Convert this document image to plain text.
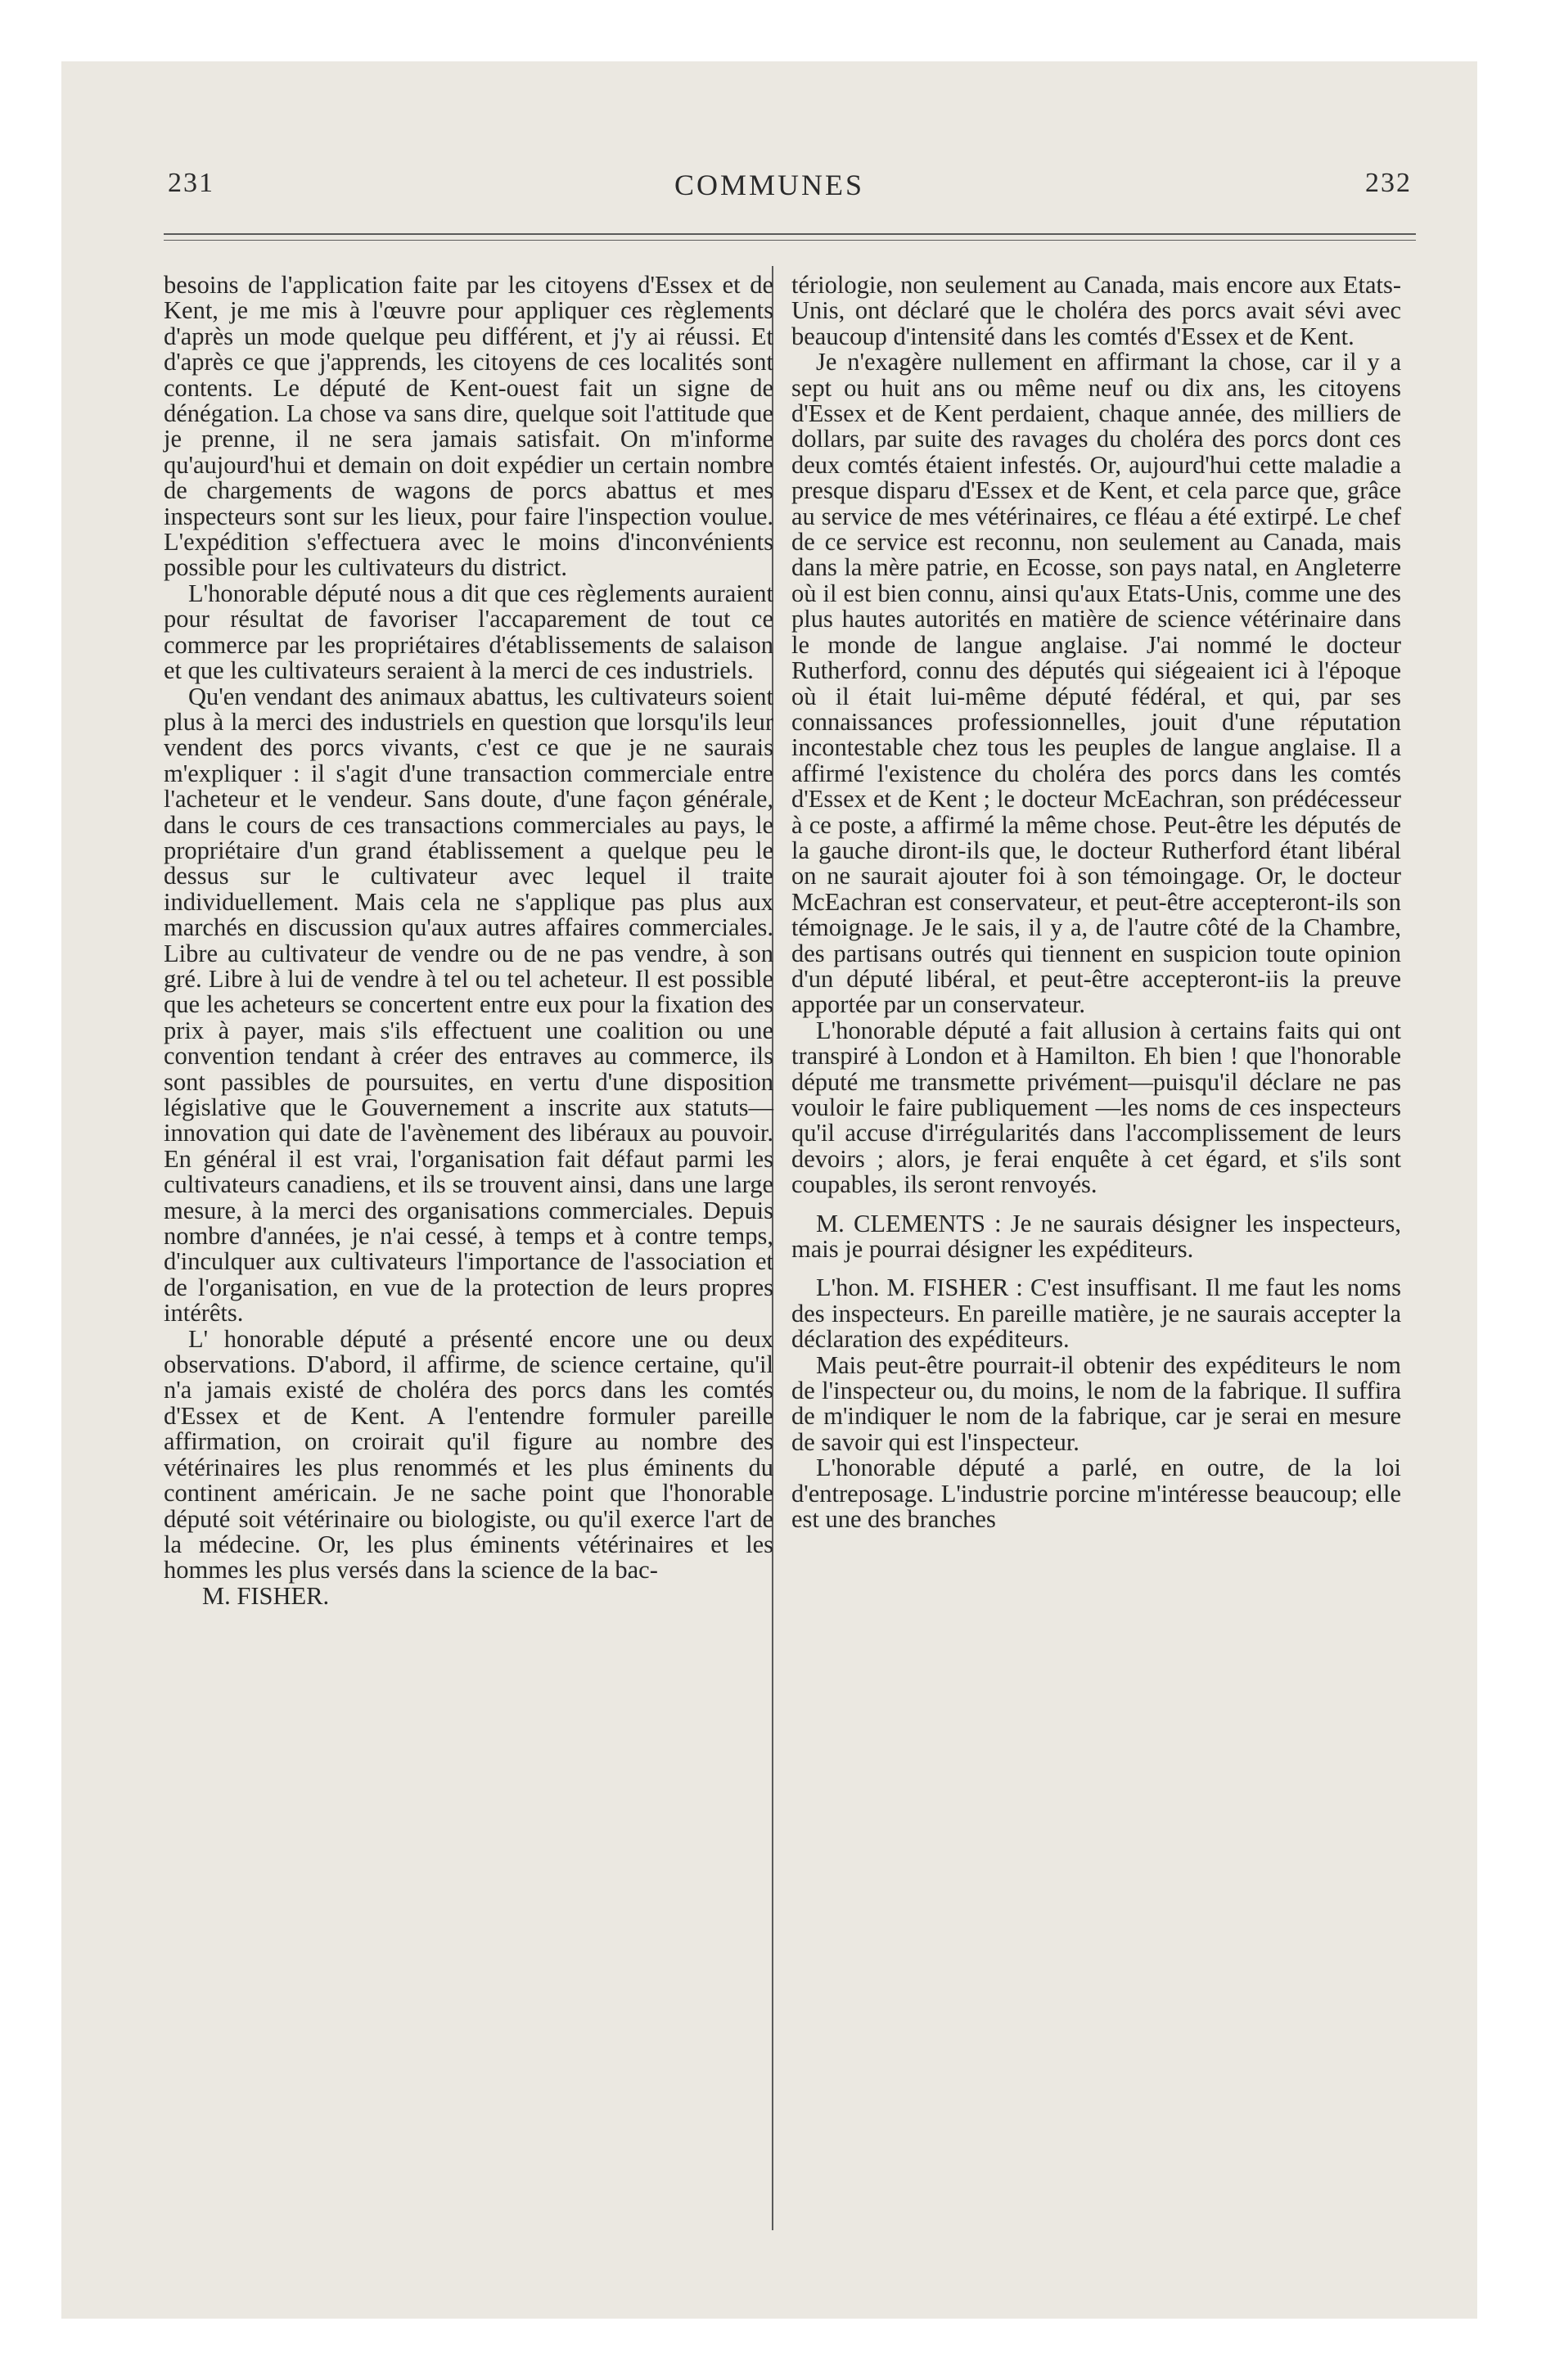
231	COMMUNES	232

besoins de l'application faite par les citoyens d'Essex et de Kent, je me mis à l'œuvre pour appliquer ces règlements d'après un mode quelque peu différent, et j'y ai réussi. Et d'après ce que j'apprends, les citoyens de ces localités sont contents. Le député de Kent-ouest fait un signe de dénégation. La chose va sans dire, quelque soit l'attitude que je prenne, il ne sera jamais satisfait. On m'informe qu'aujourd'hui et demain on doit expédier un certain nombre de chargements de wagons de porcs abattus et mes inspecteurs sont sur les lieux, pour faire l'inspection voulue. L'expédition s'effectuera avec le moins d'inconvénients possible pour les cultivateurs du district.

L'honorable député nous a dit que ces règlements auraient pour résultat de favoriser l'accaparement de tout ce commerce par les propriétaires d'établissements de salaison et que les cultivateurs seraient à la merci de ces industriels.

Qu'en vendant des animaux abattus, les cultivateurs soient plus à la merci des industriels en question que lorsqu'ils leur vendent des porcs vivants, c'est ce que je ne saurais m'expliquer : il s'agit d'une transaction commerciale entre l'acheteur et le vendeur. Sans doute, d'une façon générale, dans le cours de ces transactions commerciales au pays, le propriétaire d'un grand établissement a quelque peu le dessus sur le cultivateur avec lequel il traite individuellement. Mais cela ne s'applique pas plus aux marchés en discussion qu'aux autres affaires commerciales. Libre au cultivateur de vendre ou de ne pas vendre, à son gré. Libre à lui de vendre à tel ou tel acheteur. Il est possible que les acheteurs se concertent entre eux pour la fixation des prix à payer, mais s'ils effectuent une coalition ou une convention tendant à créer des entraves au commerce, ils sont passibles de poursuites, en vertu d'une disposition législative que le Gouvernement a inscrite aux statuts—innovation qui date de l'avènement des libéraux au pouvoir. En général il est vrai, l'organisation fait défaut parmi les cultivateurs canadiens, et ils se trouvent ainsi, dans une large mesure, à la merci des organisations commerciales. Depuis nombre d'années, je n'ai cessé, à temps et à contre temps, d'inculquer aux cultivateurs l'importance de l'association et de l'organisation, en vue de la protection de leurs propres intérêts.

L' honorable député a présenté encore une ou deux observations. D'abord, il affirme, de science certaine, qu'il n'a jamais existé de choléra des porcs dans les comtés d'Essex et de Kent. A l'entendre formuler pareille affirmation, on croirait qu'il figure au nombre des vétérinaires les plus renommés et les plus éminents du continent américain. Je ne sache point que l'honorable député soit vétérinaire ou biologiste, ou qu'il exerce l'art de la médecine. Or, les plus éminents vétérinaires et les hommes les plus versés dans la science de la bac-

M. FISHER.

tériologie, non seulement au Canada, mais encore aux Etats-Unis, ont déclaré que le choléra des porcs avait sévi avec beaucoup d'intensité dans les comtés d'Essex et de Kent.

Je n'exagère nullement en affirmant la chose, car il y a sept ou huit ans ou même neuf ou dix ans, les citoyens d'Essex et de Kent perdaient, chaque année, des milliers de dollars, par suite des ravages du choléra des porcs dont ces deux comtés étaient infestés. Or, aujourd'hui cette maladie a presque disparu d'Essex et de Kent, et cela parce que, grâce au service de mes vétérinaires, ce fléau a été extirpé. Le chef de ce service est reconnu, non seulement au Canada, mais dans la mère patrie, en Ecosse, son pays natal, en Angleterre où il est bien connu, ainsi qu'aux Etats-Unis, comme une des plus hautes autorités en matière de science vétérinaire dans le monde de langue anglaise. J'ai nommé le docteur Rutherford, connu des députés qui siégeaient ici à l'époque où il était lui-même député fédéral, et qui, par ses connaissances professionnelles, jouit d'une réputation incontestable chez tous les peuples de langue anglaise. Il a affirmé l'existence du choléra des porcs dans les comtés d'Essex et de Kent ; le docteur McEachran, son prédécesseur à ce poste, a affirmé la même chose. Peut-être les députés de la gauche diront-ils que, le docteur Rutherford étant libéral on ne saurait ajouter foi à son témoingage. Or, le docteur McEachran est conservateur, et peut-être accepteront-ils son témoignage. Je le sais, il y a, de l'autre côté de la Chambre, des partisans outrés qui tiennent en suspicion toute opinion d'un député libéral, et peut-être accepteront-iis la preuve apportée par un conservateur.

L'honorable député a fait allusion à certains faits qui ont transpiré à London et à Hamilton. Eh bien ! que l'honorable député me transmette privément—puisqu'il déclare ne pas vouloir le faire publiquement —les noms de ces inspecteurs qu'il accuse d'irrégularités dans l'accomplissement de leurs devoirs ; alors, je ferai enquête à cet égard, et s'ils sont coupables, ils seront renvoyés.

M. CLEMENTS : Je ne saurais désigner les inspecteurs, mais je pourrai désigner les expéditeurs.

L'hon. M. FISHER : C'est insuffisant. Il me faut les noms des inspecteurs. En pareille matière, je ne saurais accepter la déclaration des expéditeurs.

Mais peut-être pourrait-il obtenir des expéditeurs le nom de l'inspecteur ou, du moins, le nom de la fabrique. Il suffira de m'indiquer le nom de la fabrique, car je serai en mesure de savoir qui est l'inspecteur.

L'honorable député a parlé, en outre, de la loi d'entreposage. L'industrie porcine m'intéresse beaucoup; elle est une des branches
